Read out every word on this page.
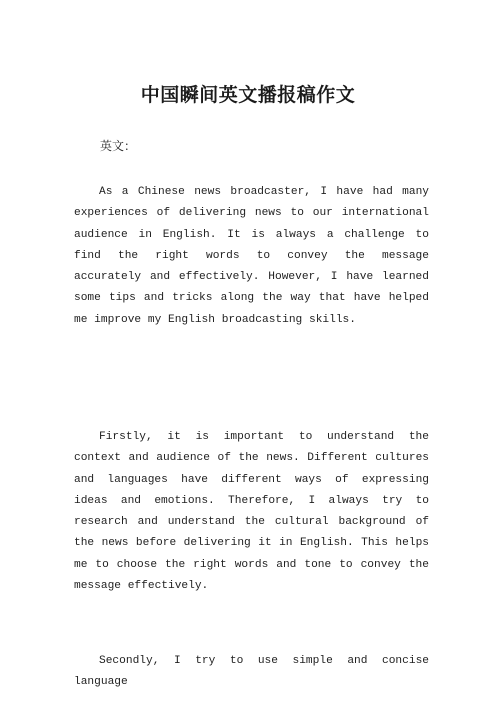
中国瞬间英文播报稿作文
英文：

As a Chinese news broadcaster, I have had many experiences of delivering news to our international audience in English. It is always a challenge to find the right words to convey the message accurately and effectively. However, I have learned some tips and tricks along the way that have helped me improve my English broadcasting skills.

Firstly, it is important to understand the context and audience of the news. Different cultures and languages have different ways of expressing ideas and emotions. Therefore, I always try to research and understand the cultural background of the news before delivering it in English. This helps me to choose the right words and tone to convey the message effectively.

Secondly, I try to use simple and concise language
